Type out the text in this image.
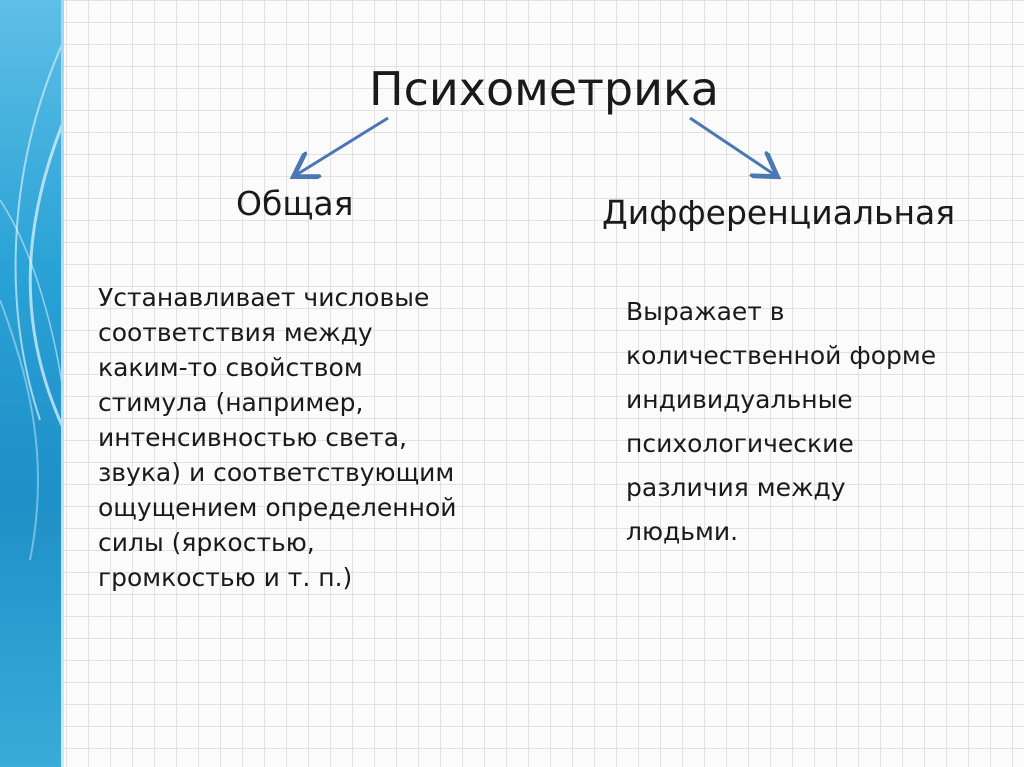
Психометрика
Общая	Дифференциальная
Устанавливает числовые
соответствия между
каким-то свойством
стимула (например,
интенсивностью света,
звука) и соответствующим
ощущением определенной
силы (яркостью,
громкостью и т. п.)
Выражает в
количественной форме
индивидуальные
психологические
различия между
людьми.
